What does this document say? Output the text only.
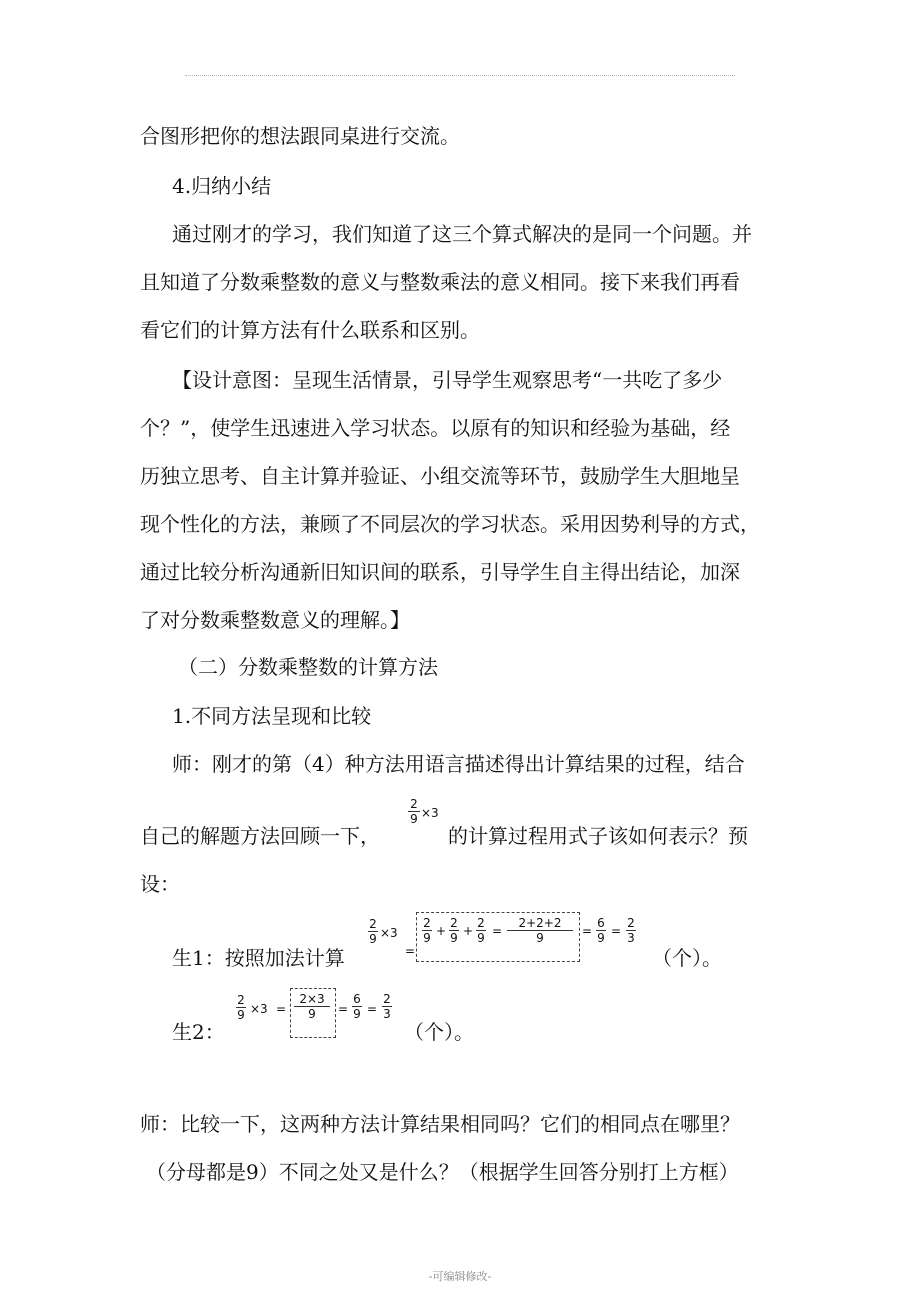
合图形把你的想法跟同桌进行交流。
4.归纳小结
通过刚才的学习，我们知道了这三个算式解决的是同一个问题。并
且知道了分数乘整数的意义与整数乘法的意义相同。接下来我们再看
看它们的计算方法有什么联系和区别。
【设计意图：呈现生活情景，引导学生观察思考“一共吃了多少
个？”，使学生迅速进入学习状态。以原有的知识和经验为基础，经
历独立思考、自主计算并验证、小组交流等环节，鼓励学生大胆地呈
现个性化的方法，兼顾了不同层次的学习状态。采用因势利导的方式，
通过比较分析沟通新旧知识间的联系，引导学生自主得出结论，加深
了对分数乘整数意义的理解。】
（二）分数乘整数的计算方法
1.不同方法呈现和比较
师：刚才的第（4）种方法用语言描述得出计算结果的过程，结合
自己的解题方法回顾一下，
2
9 ×3
的计算过程用式子该如何表示？预
设：
生1：按照加法计算
2
9 ×3
=
2
9 +
2
9 +
2
9 =
2+2+2
9	=
6
9 =
2
3
（个）。
生2：
2
9 ×3 =
2×3
9	=
6
9 =
2
3
（个）。
师：比较一下，这两种方法计算结果相同吗？它们的相同点在哪里？
（分母都是9）不同之处又是什么？（根据学生回答分别打上方框）
-可编辑修改-
